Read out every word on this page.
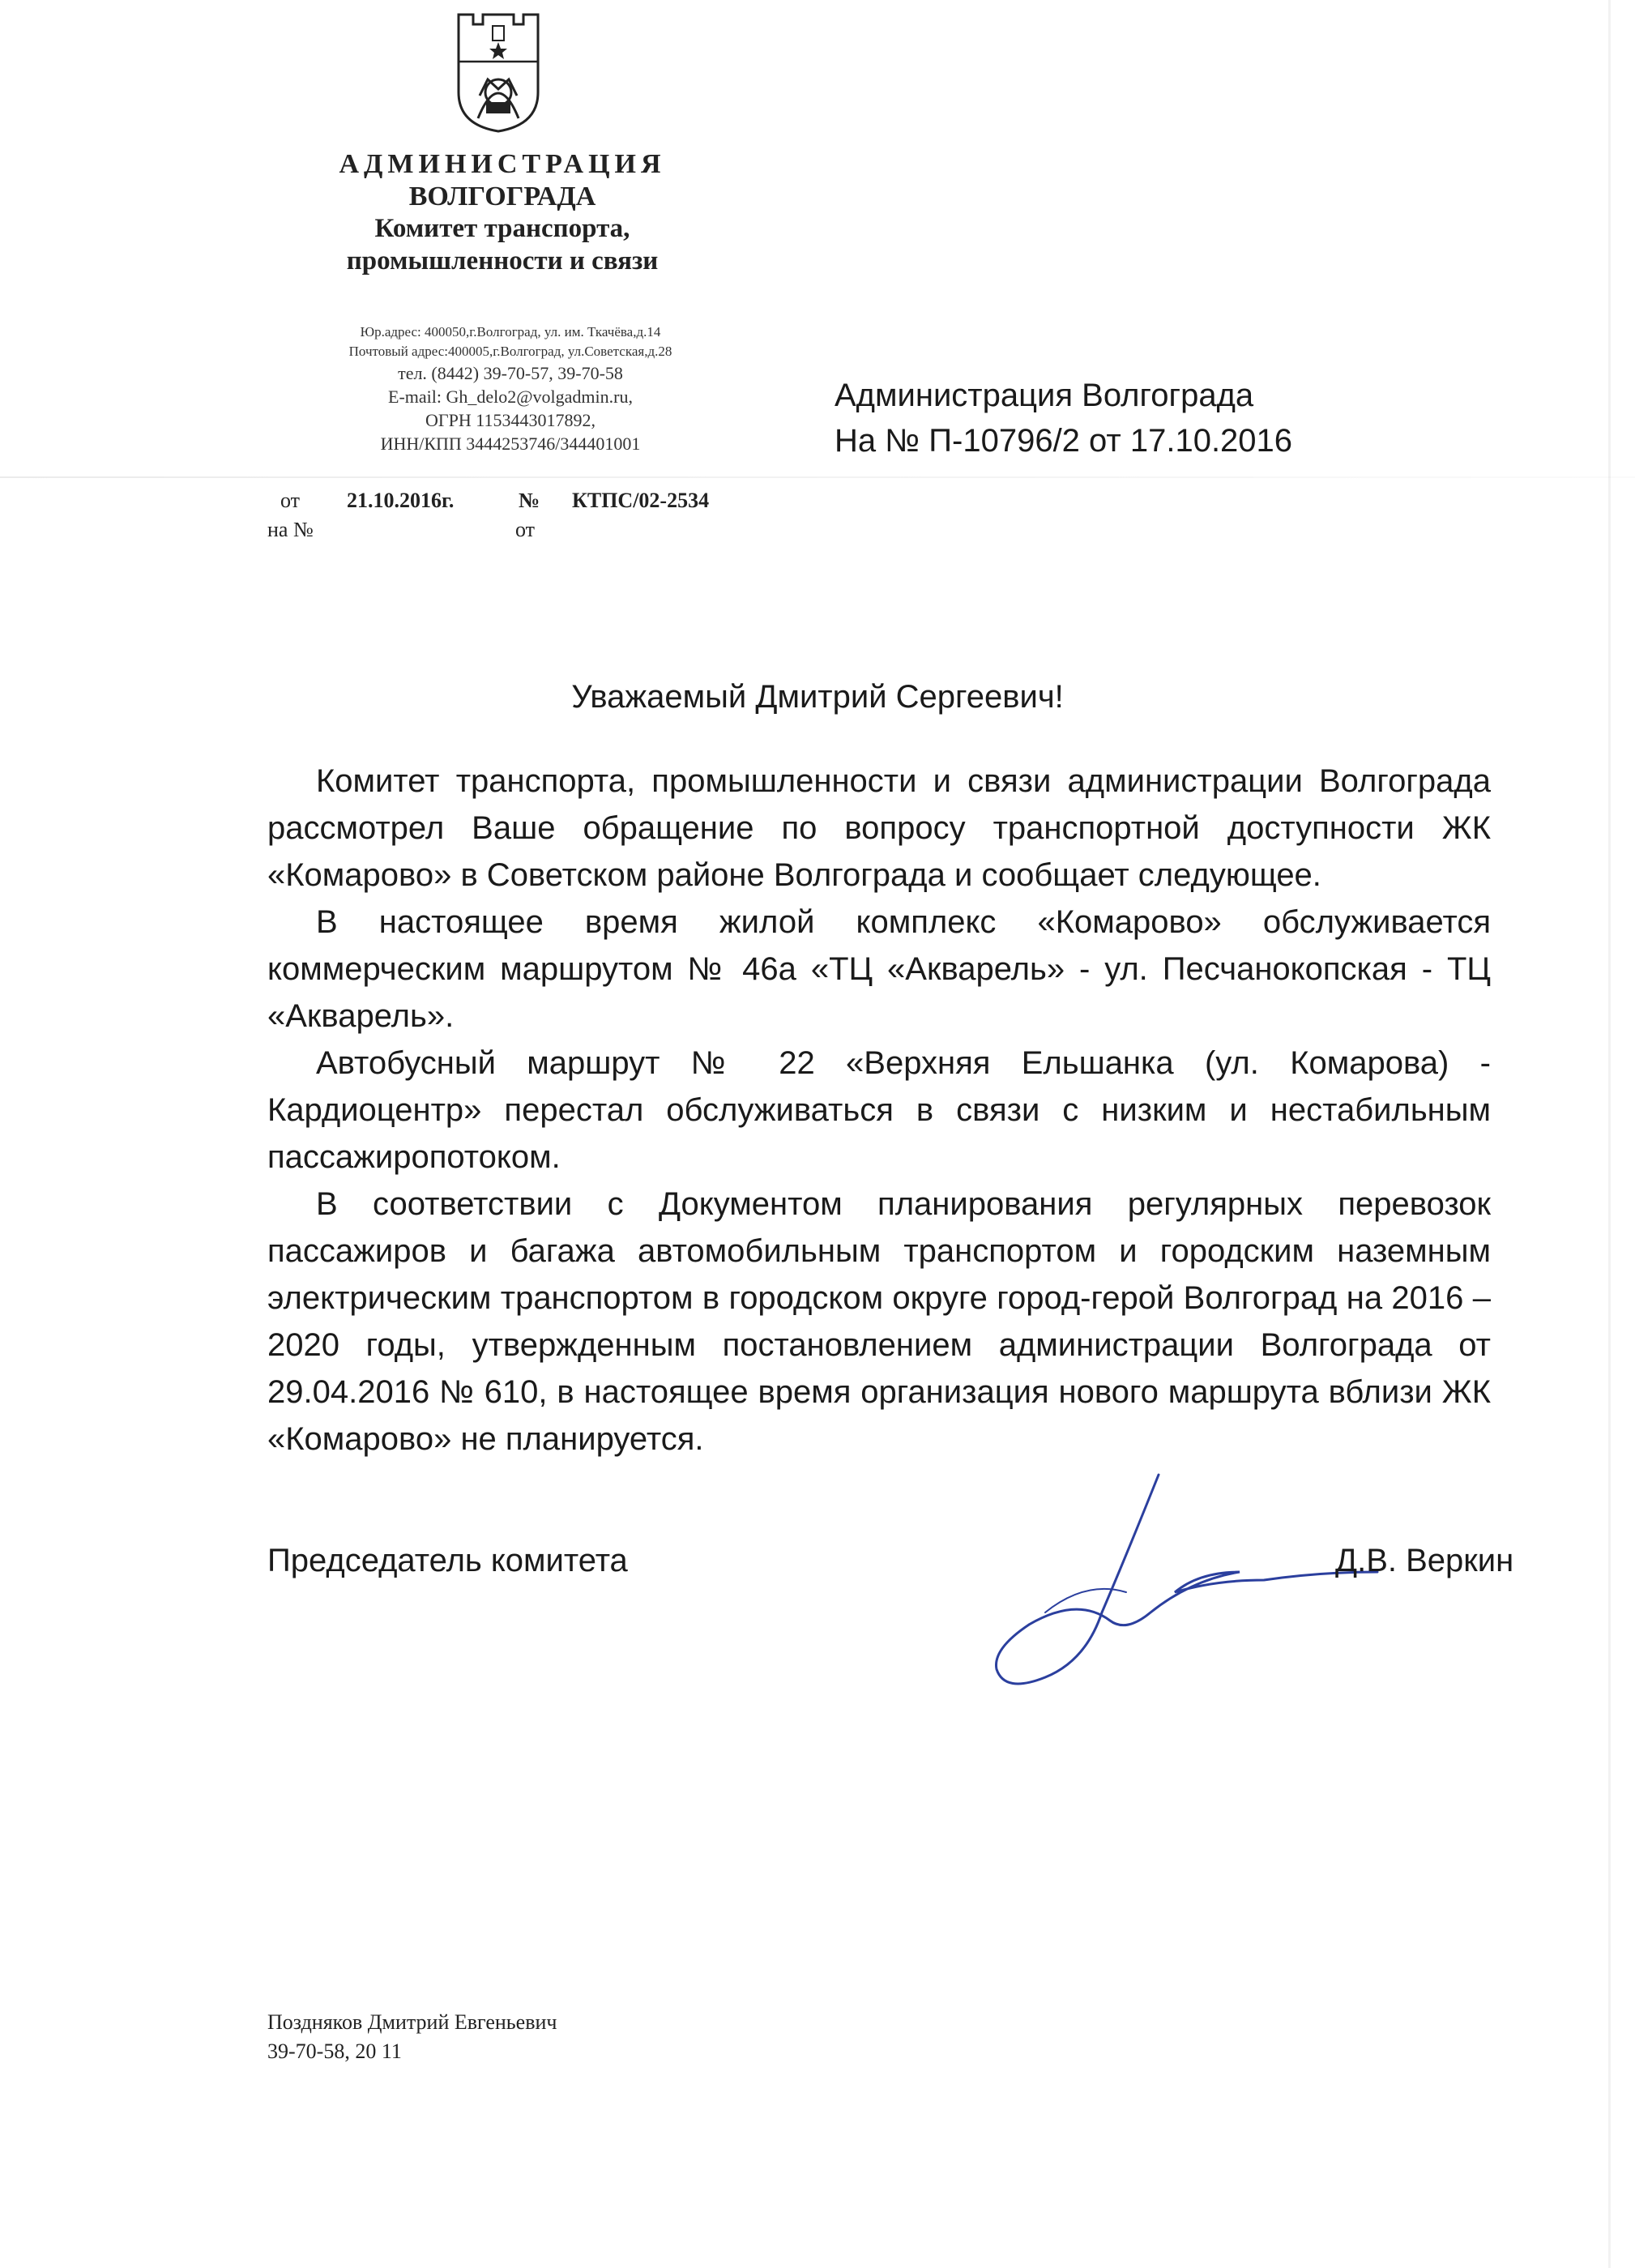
АДМИНИСТРАЦИЯ
ВОЛГОГРАДА
Комитет транспорта,
промышленности и связи
Юр.адрес: 400050,г.Волгоград, ул. им. Ткачёва,д.14
Почтовый адрес:400005,г.Волгоград, ул.Советская,д.28
тел. (8442) 39-70-57, 39-70-58
E-mail: Gh_delo2@volgadmin.ru,
ОГРН 1153443017892,
ИНН/КПП 3444253746/344401001
от 21.10.2016г.	№ КТПС/02-2534
на №	от
Администрация Волгограда
На № П-10796/2 от 17.10.2016
Уважаемый Дмитрий Сергеевич!

Комитет транспорта, промышленности и связи администрации Волгограда рассмотрел Ваше обращение по вопросу транспортной доступности ЖК «Комарово» в Советском районе Волгограда и сообщает следующее.

В настоящее время жилой комплекс «Комарово» обслуживается коммерческим маршрутом № 46а «ТЦ «Акварель» - ул. Песчанокопская - ТЦ «Акварель».

Автобусный маршрут № 22 «Верхняя Ельшанка (ул. Комарова) - Кардиоцентр» перестал обслуживаться в связи с низким и нестабильным пассажиропотоком.

В соответствии с Документом планирования регулярных перевозок пассажиров и багажа автомобильным транспортом и городским наземным электрическим транспортом в городском округе город-герой Волгоград на 2016 – 2020 годы, утвержденным постановлением администрации Волгограда от 29.04.2016 № 610, в настоящее время организация нового маршрута вблизи ЖК «Комарово» не планируется.

Председатель комитета	Д.В. Веркин
Поздняков Дмитрий Евгеньевич
39-70-58, 20 11
